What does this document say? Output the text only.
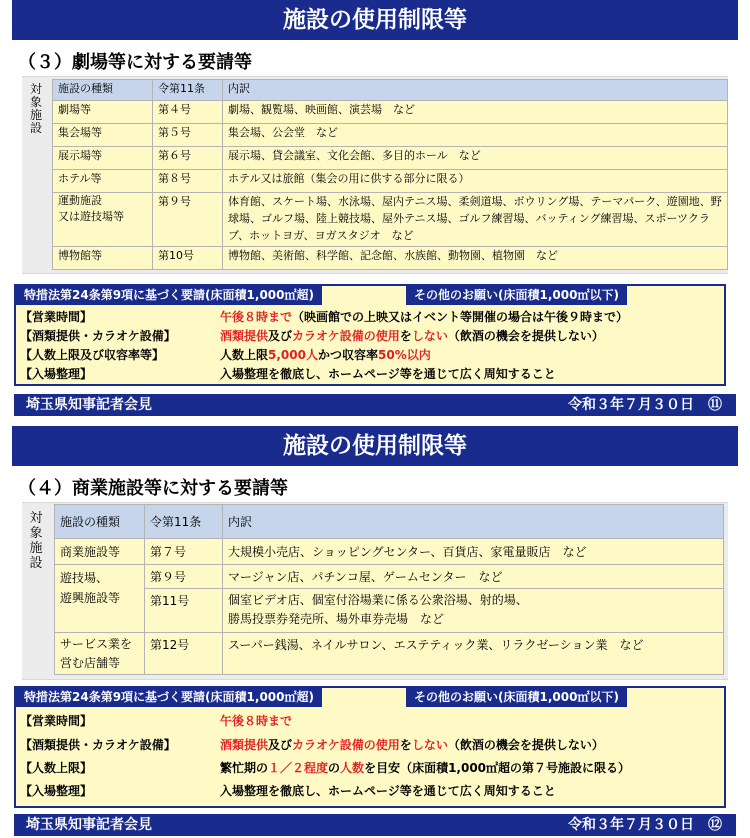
施設の使用制限等
（３）劇場等に対する要請等
対象施設
施設の種類	令第11条	内訳
劇場等	第４号	劇場、観覧場、映画館、演芸場　など
集会場等	第５号	集会場、公会堂　など
展示場等	第６号	展示場、貸会議室、文化会館、多目的ホール　など
ホテル等	第８号	ホテル又は旅館（集会の用に供する部分に限る）
運動施設
又は遊技場等	第９号	体育館、スケート場、水泳場、屋内テニス場、柔剣道場、ボウリング場、テーマパーク、遊園地、野球場、ゴルフ場、陸上競技場、屋外テニス場、ゴルフ練習場、バッティング練習場、スポーツクラブ、ホットヨガ、ヨガスタジオ　など
博物館等	第10号	博物館、美術館、科学館、記念館、水族館、動物園、植物園　など
特措法第24条第9項に基づく要請(床面積1,000㎡超)	その他のお願い(床面積1,000㎡以下)
【営業時間】	午後８時まで（映画館での上映又はイベント等開催の場合は午後９時まで）
【酒類提供・カラオケ設備】	酒類提供及びカラオケ設備の使用をしない（飲酒の機会を提供しない）
【人数上限及び収容率等】	人数上限5,000人かつ収容率50%以内
【入場整理】	入場整理を徹底し、ホームページ等を通じて広く周知すること
埼玉県知事記者会見	令和３年７月３０日　⑪
施設の使用制限等
（４）商業施設等に対する要請等
対象施設
施設の種類	令第11条	内訳
商業施設等	第７号	大規模小売店、ショッピングセンター、百貨店、家電量販店　など
遊技場、
遊興施設等	第９号	マージャン店、パチンコ屋、ゲームセンター　など
	第11号	個室ビデオ店、個室付浴場業に係る公衆浴場、射的場、
勝馬投票券発売所、場外車券売場　など
サービス業を
営む店舗等	第12号	スーパー銭湯、ネイルサロン、エステティック業、リラクゼーション業　など
特措法第24条第9項に基づく要請(床面積1,000㎡超)	その他のお願い(床面積1,000㎡以下)
【営業時間】	午後８時まで
【酒類提供・カラオケ設備】	酒類提供及びカラオケ設備の使用をしない（飲酒の機会を提供しない）
【人数上限】	繁忙期の１／２程度の人数を目安（床面積1,000㎡超の第７号施設に限る）
【入場整理】	入場整理を徹底し、ホームページ等を通じて広く周知すること
埼玉県知事記者会見	令和３年７月３０日　⑫
